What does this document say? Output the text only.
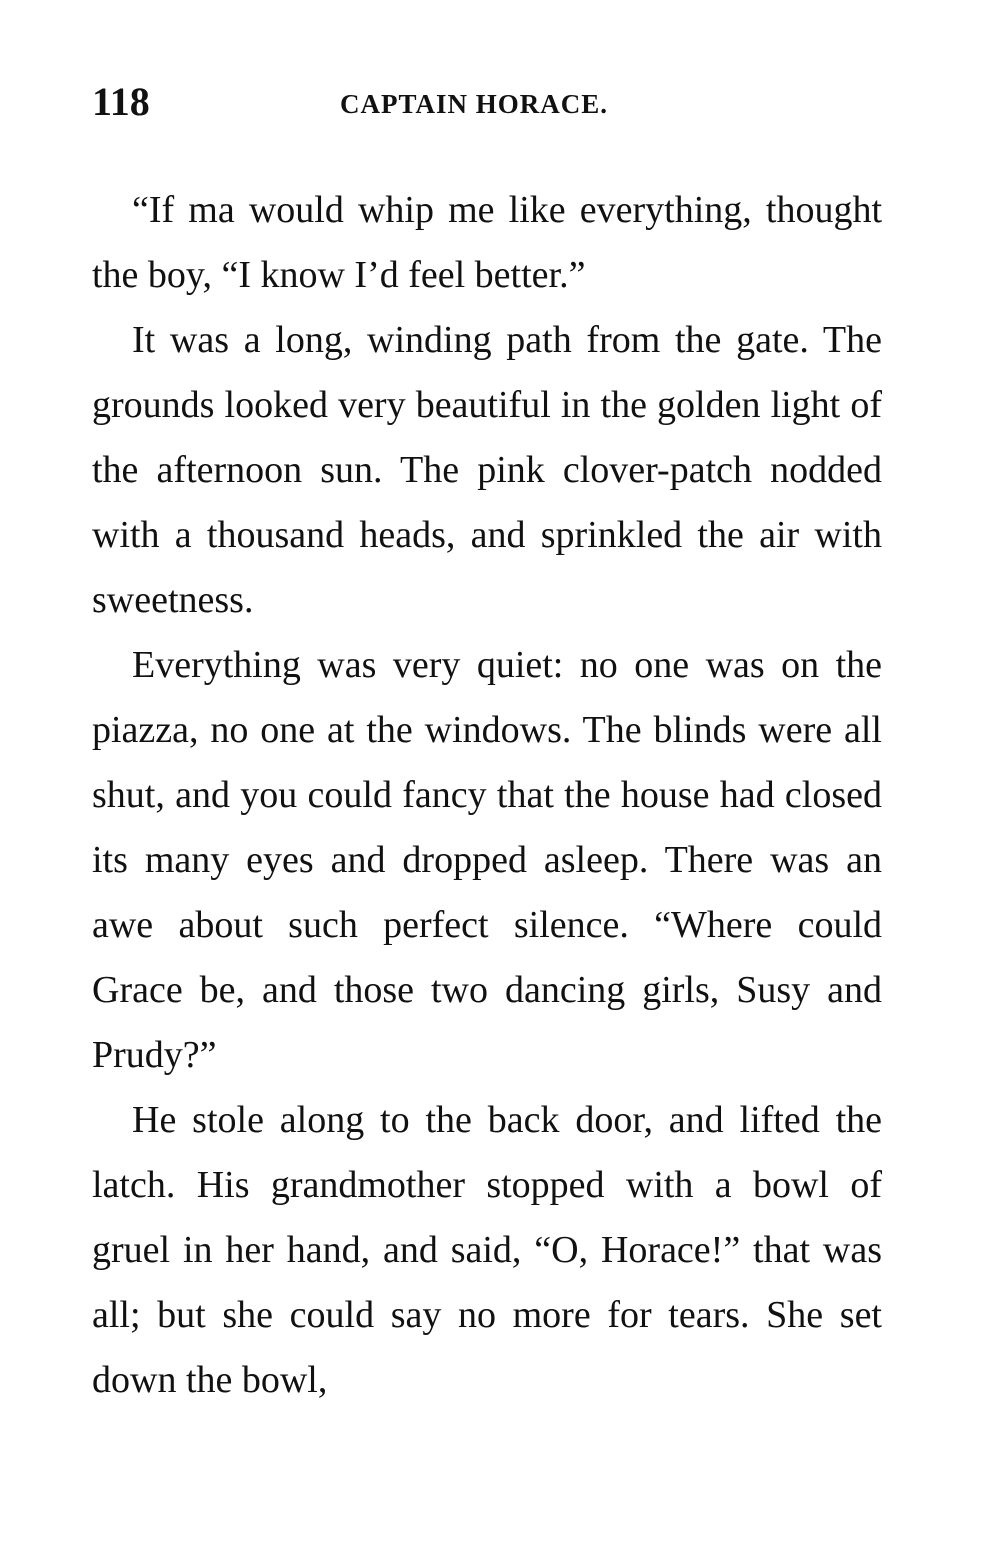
118	CAPTAIN HORACE.

“If ma would whip me like everything, thought the boy, “I know I’d feel better.”

It was a long, winding path from the gate. The grounds looked very beautiful in the golden light of the afternoon sun. The pink clover-patch nodded with a thousand heads, and sprinkled the air with sweetness.

Everything was very quiet: no one was on the piazza, no one at the windows. The blinds were all shut, and you could fancy that the house had closed its many eyes and dropped asleep. There was an awe about such perfect silence. “Where could Grace be, and those two dancing girls, Susy and Prudy?”

He stole along to the back door, and lifted the latch. His grandmother stopped with a bowl of gruel in her hand, and said, “O, Horace!” that was all; but she could say no more for tears. She set down the bowl,
